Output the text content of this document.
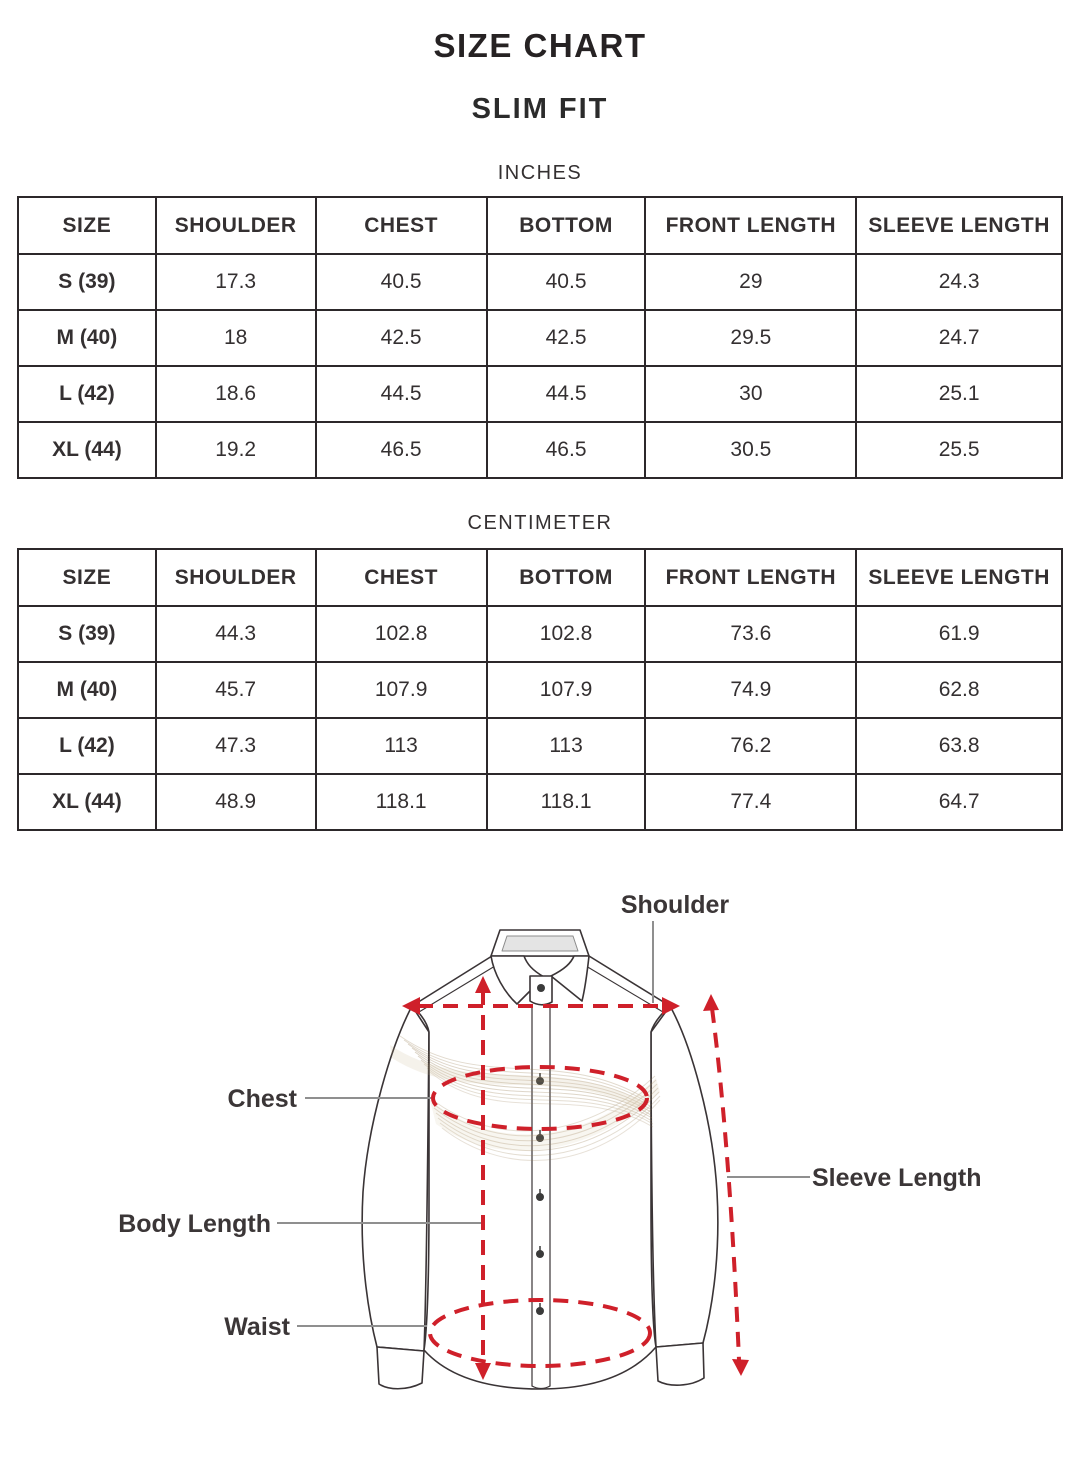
SIZE CHART
SLIM FIT
INCHES
SIZE	SHOULDER	CHEST	BOTTOM	FRONT LENGTH	SLEEVE LENGTH
S (39)	17.3	40.5	40.5	29	24.3
M (40)	18	42.5	42.5	29.5	24.7
L (42)	18.6	44.5	44.5	30	25.1
XL (44)	19.2	46.5	46.5	30.5	25.5
CENTIMETER
SIZE	SHOULDER	CHEST	BOTTOM	FRONT LENGTH	SLEEVE LENGTH
S (39)	44.3	102.8	102.8	73.6	61.9
M (40)	45.7	107.9	107.9	74.9	62.8
L (42)	47.3	113	113	76.2	63.8
XL (44)	48.9	118.1	118.1	77.4	64.7
Shoulder
Chest
Body Length
Waist
Sleeve Length
